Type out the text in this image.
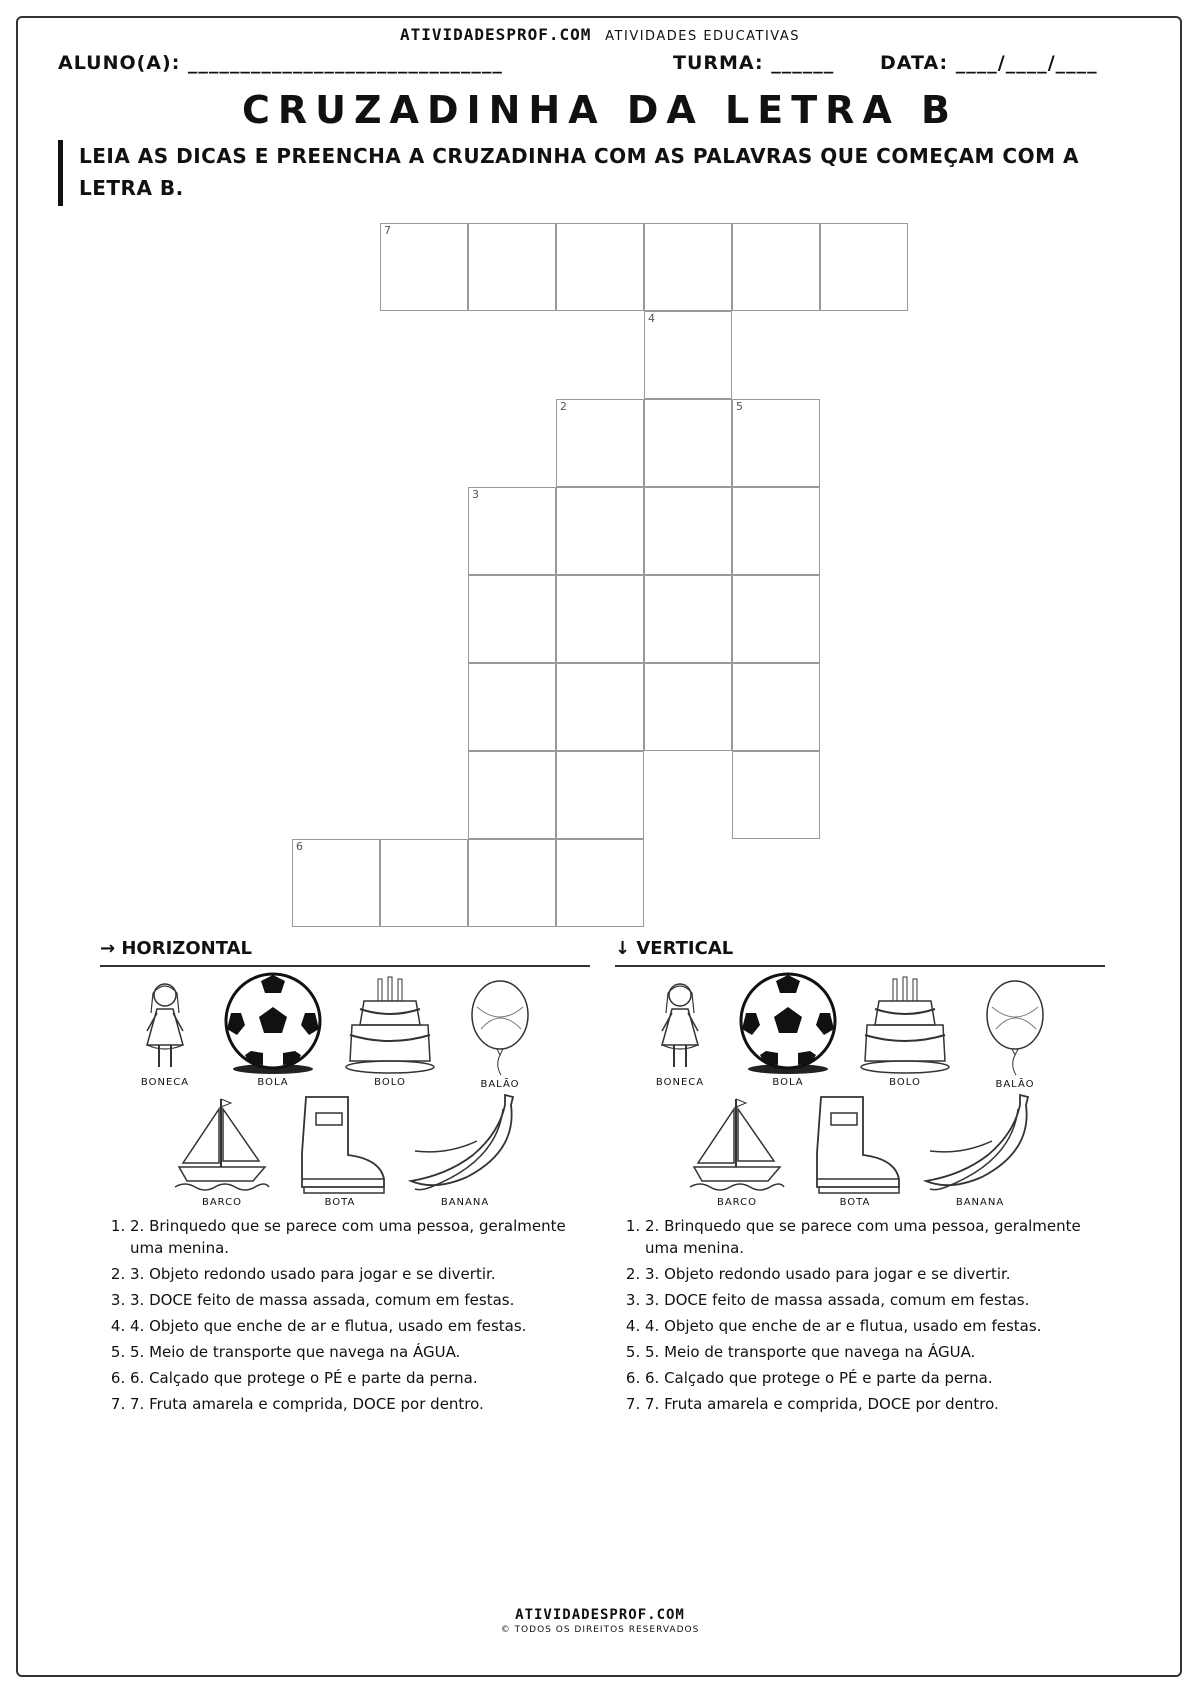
ATIVIDADESPROF.COM ATIVIDADES EDUCATIVAS
ALUNO(A): ______________________________	TURMA: ______ DATA: ____/____/____
CRUZADINHA DA LETRA B
LEIA AS DICAS E PREENCHA A CRUZADINHA COM AS PALAVRAS QUE COMEÇAM COM A LETRA B.
7
4
2	5
3
6
→ HORIZONTAL
BONECA	BOLA	BOLO	BALÃO
BARCO	BOTA	BANANA
1. 2. Brinquedo que se parece com uma pessoa, geralmente uma menina.
2. 3. Objeto redondo usado para jogar e se divertir.
3. 3. DOCE feito de massa assada, comum em festas.
4. 4. Objeto que enche de ar e flutua, usado em festas.
5. 5. Meio de transporte que navega na ÁGUA.
6. 6. Calçado que protege o PÉ e parte da perna.
7. 7. Fruta amarela e comprida, DOCE por dentro.
↓ VERTICAL
BONECA	BOLA	BOLO	BALÃO
BARCO	BOTA	BANANA
1. 2. Brinquedo que se parece com uma pessoa, geralmente uma menina.
2. 3. Objeto redondo usado para jogar e se divertir.
3. 3. DOCE feito de massa assada, comum em festas.
4. 4. Objeto que enche de ar e flutua, usado em festas.
5. 5. Meio de transporte que navega na ÁGUA.
6. 6. Calçado que protege o PÉ e parte da perna.
7. 7. Fruta amarela e comprida, DOCE por dentro.
ATIVIDADESPROF.COM
© TODOS OS DIREITOS RESERVADOS
